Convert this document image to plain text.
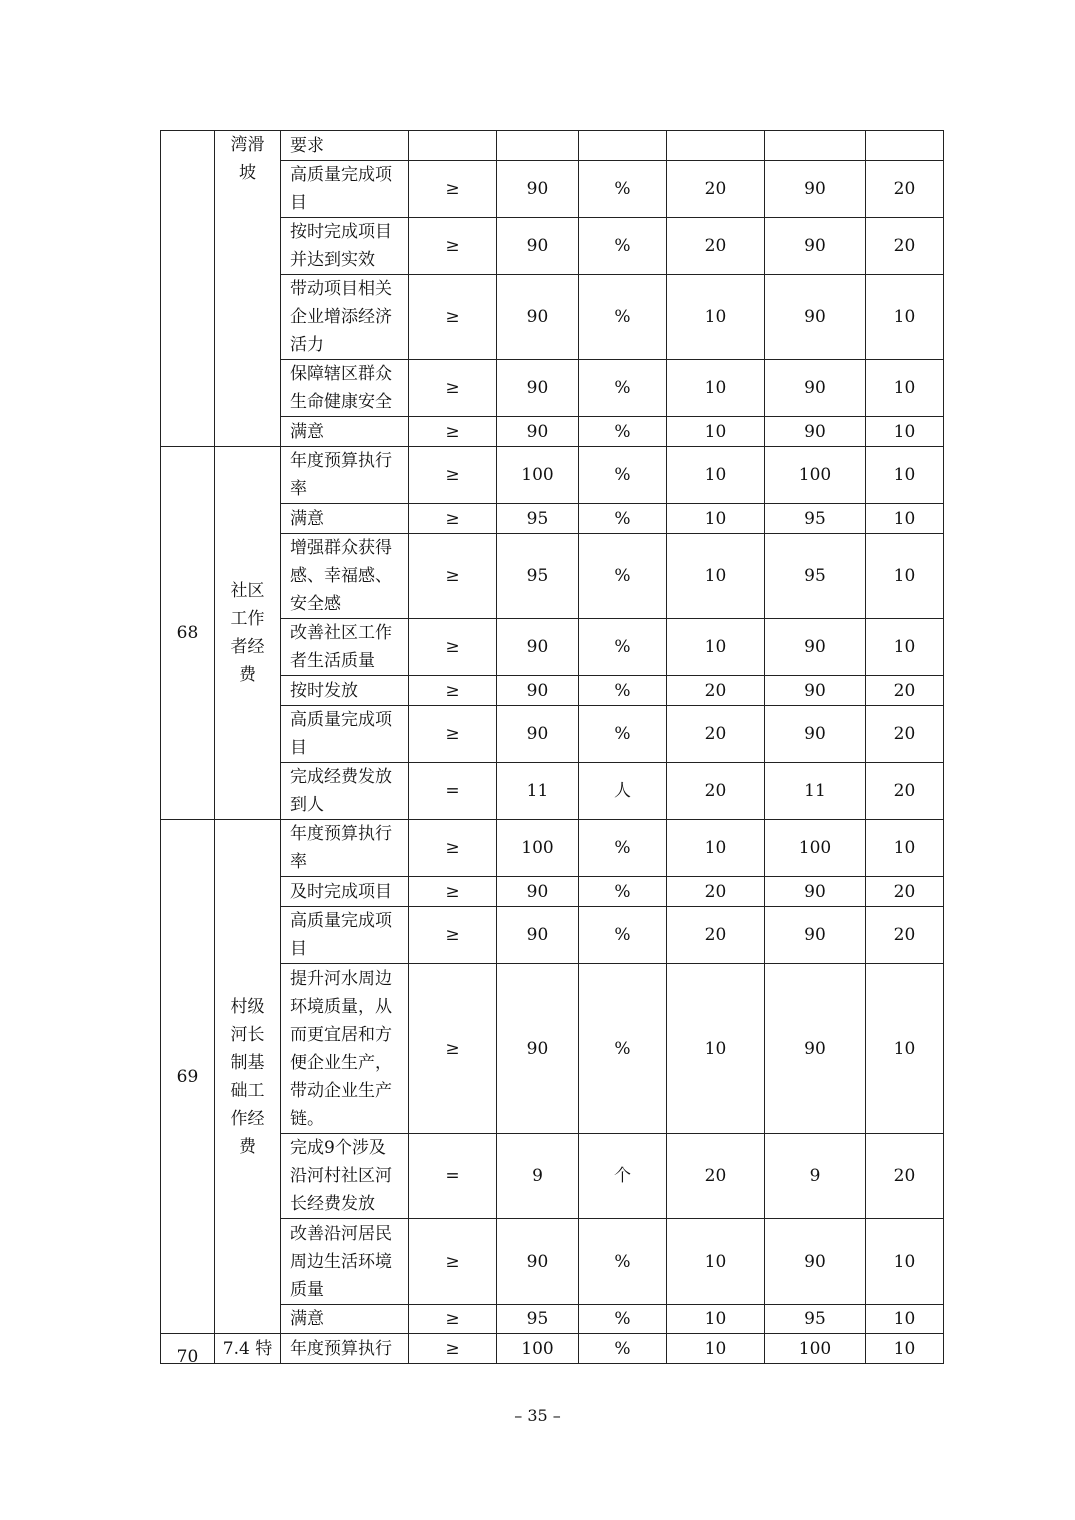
	湾滑坡	要求						
		高质量完成项目	≥	90	%	20	90	20
		按时完成项目并达到实效	≥	90	%	20	90	20
		带动项目相关企业增添经济活力	≥	90	%	10	90	10
		保障辖区群众生命健康安全	≥	90	%	10	90	10
		满意	≥	90	%	10	90	10
68	社区工作者经费	年度预算执行率	≥	100	%	10	100	10
		满意	≥	95	%	10	95	10
		增强群众获得感、幸福感、安全感	≥	95	%	10	95	10
		改善社区工作者生活质量	≥	90	%	10	90	10
		按时发放	≥	90	%	20	90	20
		高质量完成项目	≥	90	%	20	90	20
		完成经费发放到人	=	11	人	20	11	20
69	村级河长制基础工作经费	年度预算执行率	≥	100	%	10	100	10
		及时完成项目	≥	90	%	20	90	20
		高质量完成项目	≥	90	%	20	90	20
		提升河水周边环境质量，从而更宜居和方便企业生产，带动企业生产链。	≥	90	%	10	90	10
		完成9个涉及沿河村社区河长经费发放	=	9	个	20	9	20
		改善沿河居民周边生活环境质量	≥	90	%	10	90	10
		满意	≥	95	%	10	95	10

70	7.4 特	年度预算执行	≥	100	%	10	100	10
– 35 –
